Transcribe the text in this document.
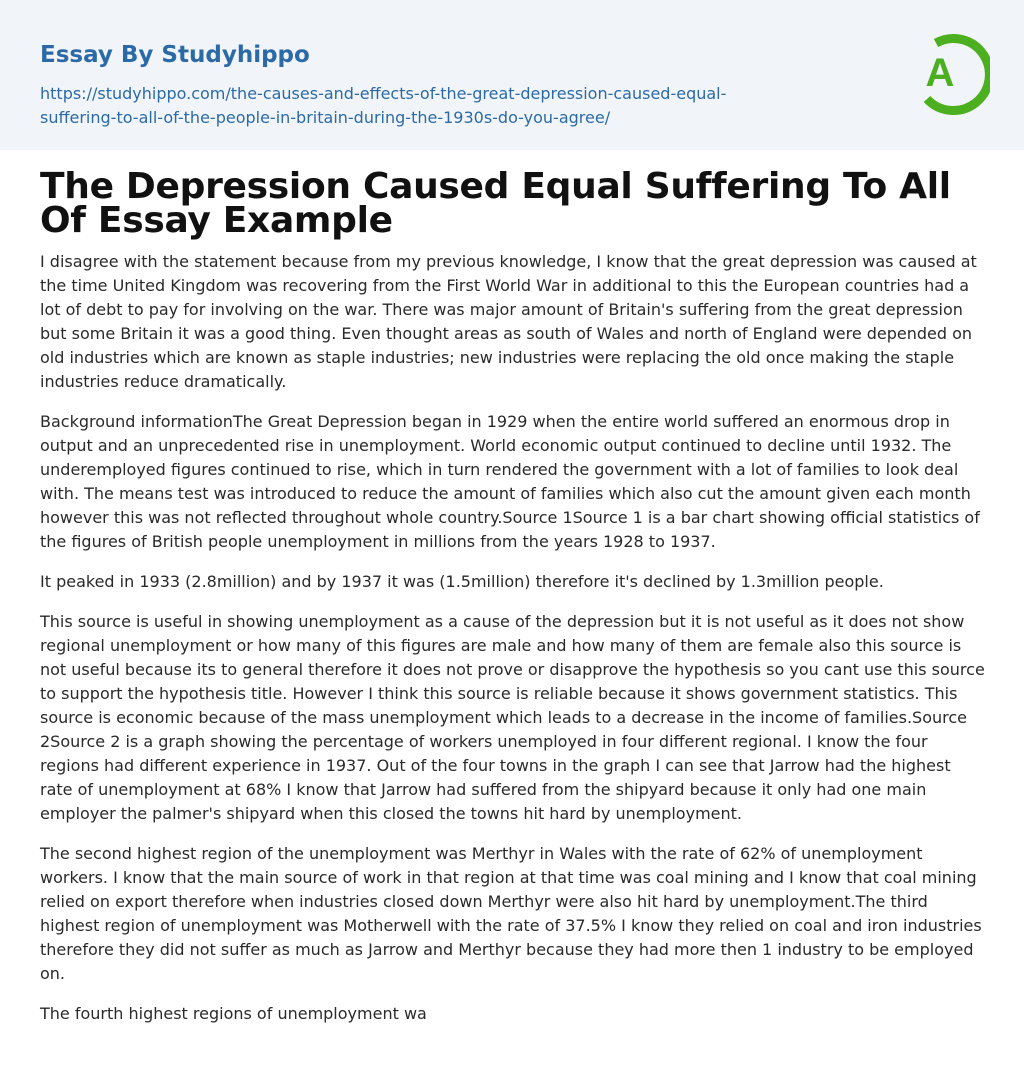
Essay By Studyhippo
https://studyhippo.com/the-causes-and-effects-of-the-great-depression-caused-equal-
suffering-to-all-of-the-people-in-britain-during-the-1930s-do-you-agree/
A
The Depression Caused Equal Suffering To All Of Essay Example

I disagree with the statement because from my previous knowledge, I know that the great depression was caused at the time United Kingdom was recovering from the First World War in additional to this the European countries had a lot of debt to pay for involving on the war. There was major amount of Britain's suffering from the great depression but some Britain it was a good thing. Even thought areas as south of Wales and north of England were depended on old industries which are known as staple industries; new industries were replacing the old once making the staple industries reduce dramatically.

Background informationThe Great Depression began in 1929 when the entire world suffered an enormous drop in output and an unprecedented rise in unemployment. World economic output continued to decline until 1932. The underemployed figures continued to rise, which in turn rendered the government with a lot of families to look deal with. The means test was introduced to reduce the amount of families which also cut the amount given each month however this was not reflected throughout whole country.Source 1Source 1 is a bar chart showing official statistics of the figures of British people unemployment in millions from the years 1928 to 1937.

It peaked in 1933 (2.8million) and by 1937 it was (1.5million) therefore it's declined by 1.3million people.

This source is useful in showing unemployment as a cause of the depression but it is not useful as it does not show regional unemployment or how many of this figures are male and how many of them are female also this source is not useful because its to general therefore it does not prove or disapprove the hypothesis so you cant use this source to support the hypothesis title. However I think this source is reliable because it shows government statistics. This source is economic because of the mass unemployment which leads to a decrease in the income of families.Source 2Source 2 is a graph showing the percentage of workers unemployed in four different regional. I know the four regions had different experience in 1937. Out of the four towns in the graph I can see that Jarrow had the highest rate of unemployment at 68% I know that Jarrow had suffered from the shipyard because it only had one main employer the palmer's shipyard when this closed the towns hit hard by unemployment.

The second highest region of the unemployment was Merthyr in Wales with the rate of 62% of unemployment workers. I know that the main source of work in that region at that time was coal mining and I know that coal mining relied on export therefore when industries closed down Merthyr were also hit hard by unemployment.The third highest region of unemployment was Motherwell with the rate of 37.5% I know they relied on coal and iron industries therefore they did not suffer as much as Jarrow and Merthyr because they had more then 1 industry to be employed on.

The fourth highest regions of unemployment wa
